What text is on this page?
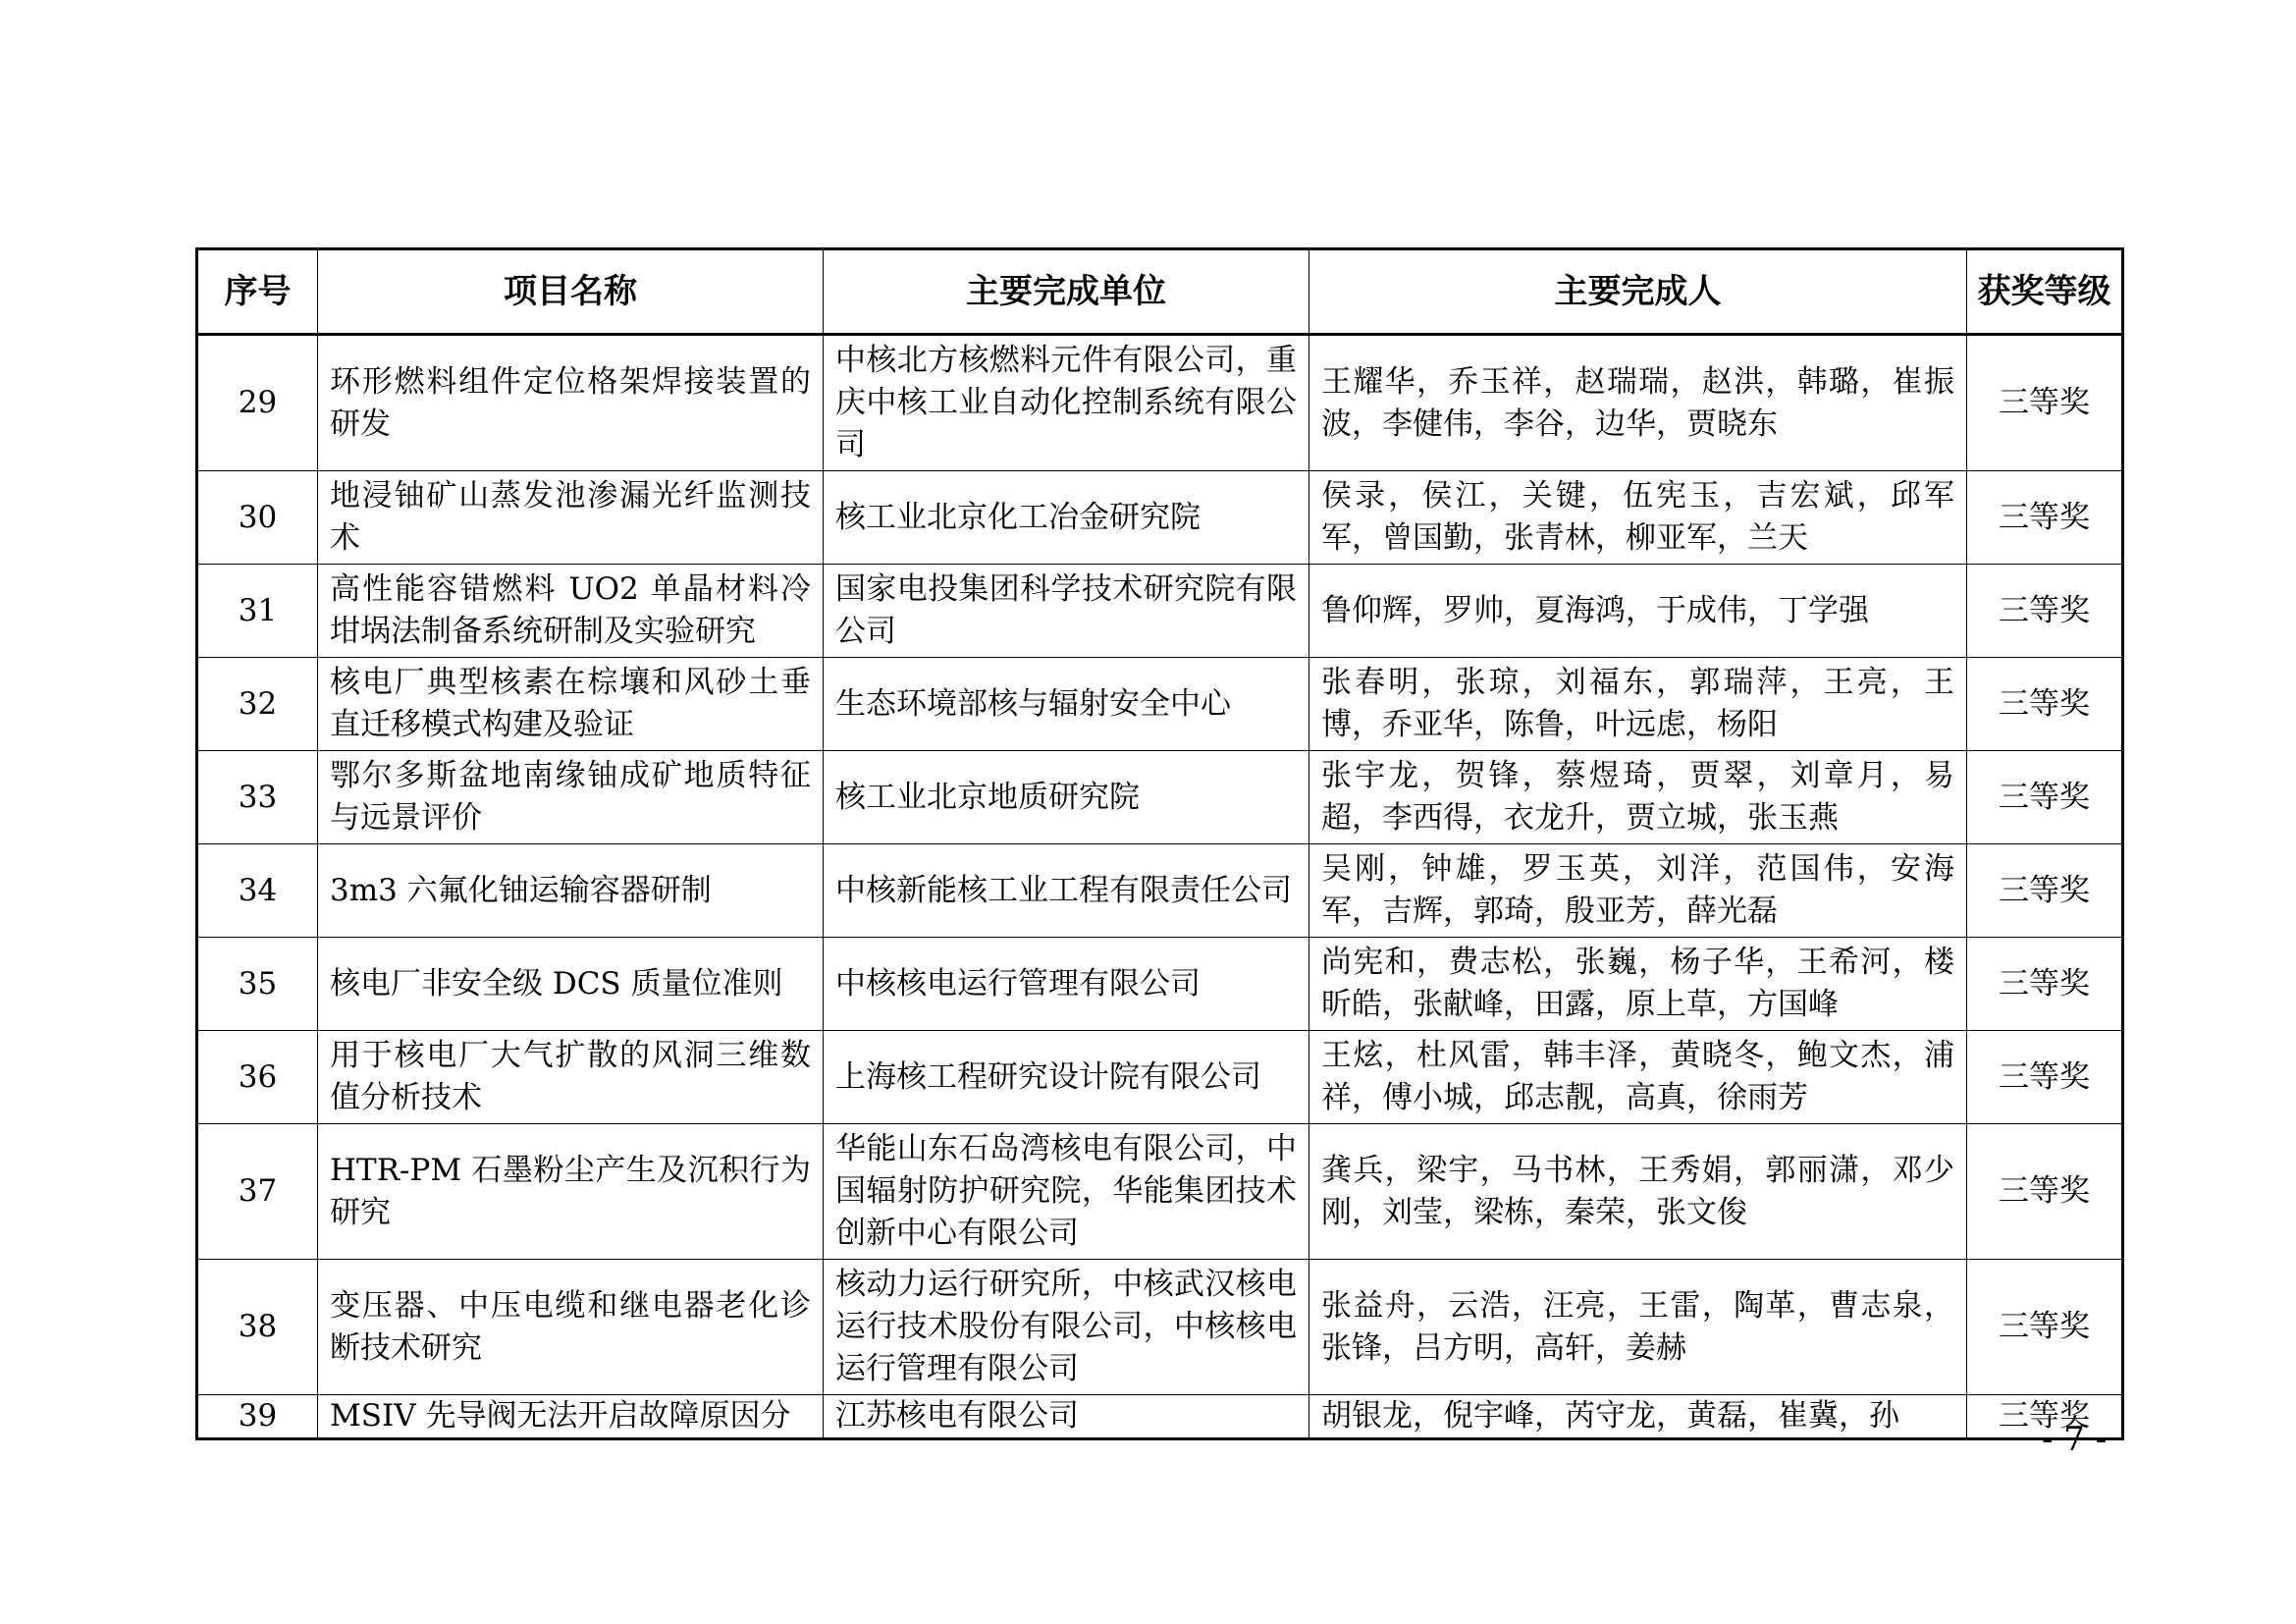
序号	项目名称	主要完成单位	主要完成人	获奖等级
29	环形燃料组件定位格架焊接装置的研发	中核北方核燃料元件有限公司，重庆中核工业自动化控制系统有限公司	王耀华，乔玉祥，赵瑞瑞，赵洪，韩璐，崔振波，李健伟，李谷，边华，贾晓东	三等奖
30	地浸铀矿山蒸发池渗漏光纤监测技术	核工业北京化工冶金研究院	侯录，侯江，关键，伍宪玉，吉宏斌，邱军军，曾国勤，张青林，柳亚军，兰天	三等奖
31	高性能容错燃料 UO2 单晶材料冷坩埚法制备系统研制及实验研究	国家电投集团科学技术研究院有限公司	鲁仰辉，罗帅，夏海鸿，于成伟，丁学强	三等奖
32	核电厂典型核素在棕壤和风砂土垂直迁移模式构建及验证	生态环境部核与辐射安全中心	张春明，张琼，刘福东，郭瑞萍，王亮，王博，乔亚华，陈鲁，叶远虑，杨阳	三等奖
33	鄂尔多斯盆地南缘铀成矿地质特征与远景评价	核工业北京地质研究院	张宇龙，贺锋，蔡煜琦，贾翠，刘章月，易超，李西得，衣龙升，贾立城，张玉燕	三等奖
34	3m3 六氟化铀运输容器研制	中核新能核工业工程有限责任公司	吴刚，钟雄，罗玉英，刘洋，范国伟，安海军，吉辉，郭琦，殷亚芳，薛光磊	三等奖
35	核电厂非安全级 DCS 质量位准则	中核核电运行管理有限公司	尚宪和，费志松，张巍，杨子华，王希河，楼昕皓，张献峰，田露，原上草，方国峰	三等奖
36	用于核电厂大气扩散的风洞三维数值分析技术	上海核工程研究设计院有限公司	王炫，杜风雷，韩丰泽，黄晓冬，鲍文杰，浦祥，傅小城，邱志靓，高真，徐雨芳	三等奖
37	HTR-PM 石墨粉尘产生及沉积行为研究	华能山东石岛湾核电有限公司，中国辐射防护研究院，华能集团技术创新中心有限公司	龚兵，梁宇，马书林，王秀娟，郭丽潇，邓少刚，刘莹，梁栋，秦荣，张文俊	三等奖
38	变压器、中压电缆和继电器老化诊断技术研究	核动力运行研究所，中核武汉核电运行技术股份有限公司，中核核电运行管理有限公司	张益舟，云浩，汪亮，王雷，陶革，曹志泉，张锋，吕方明，高轩，姜赫	三等奖
39	MSIV 先导阀无法开启故障原因分	江苏核电有限公司	胡银龙，倪宇峰，芮守龙，黄磊，崔冀，孙	三等奖
- 7 -
